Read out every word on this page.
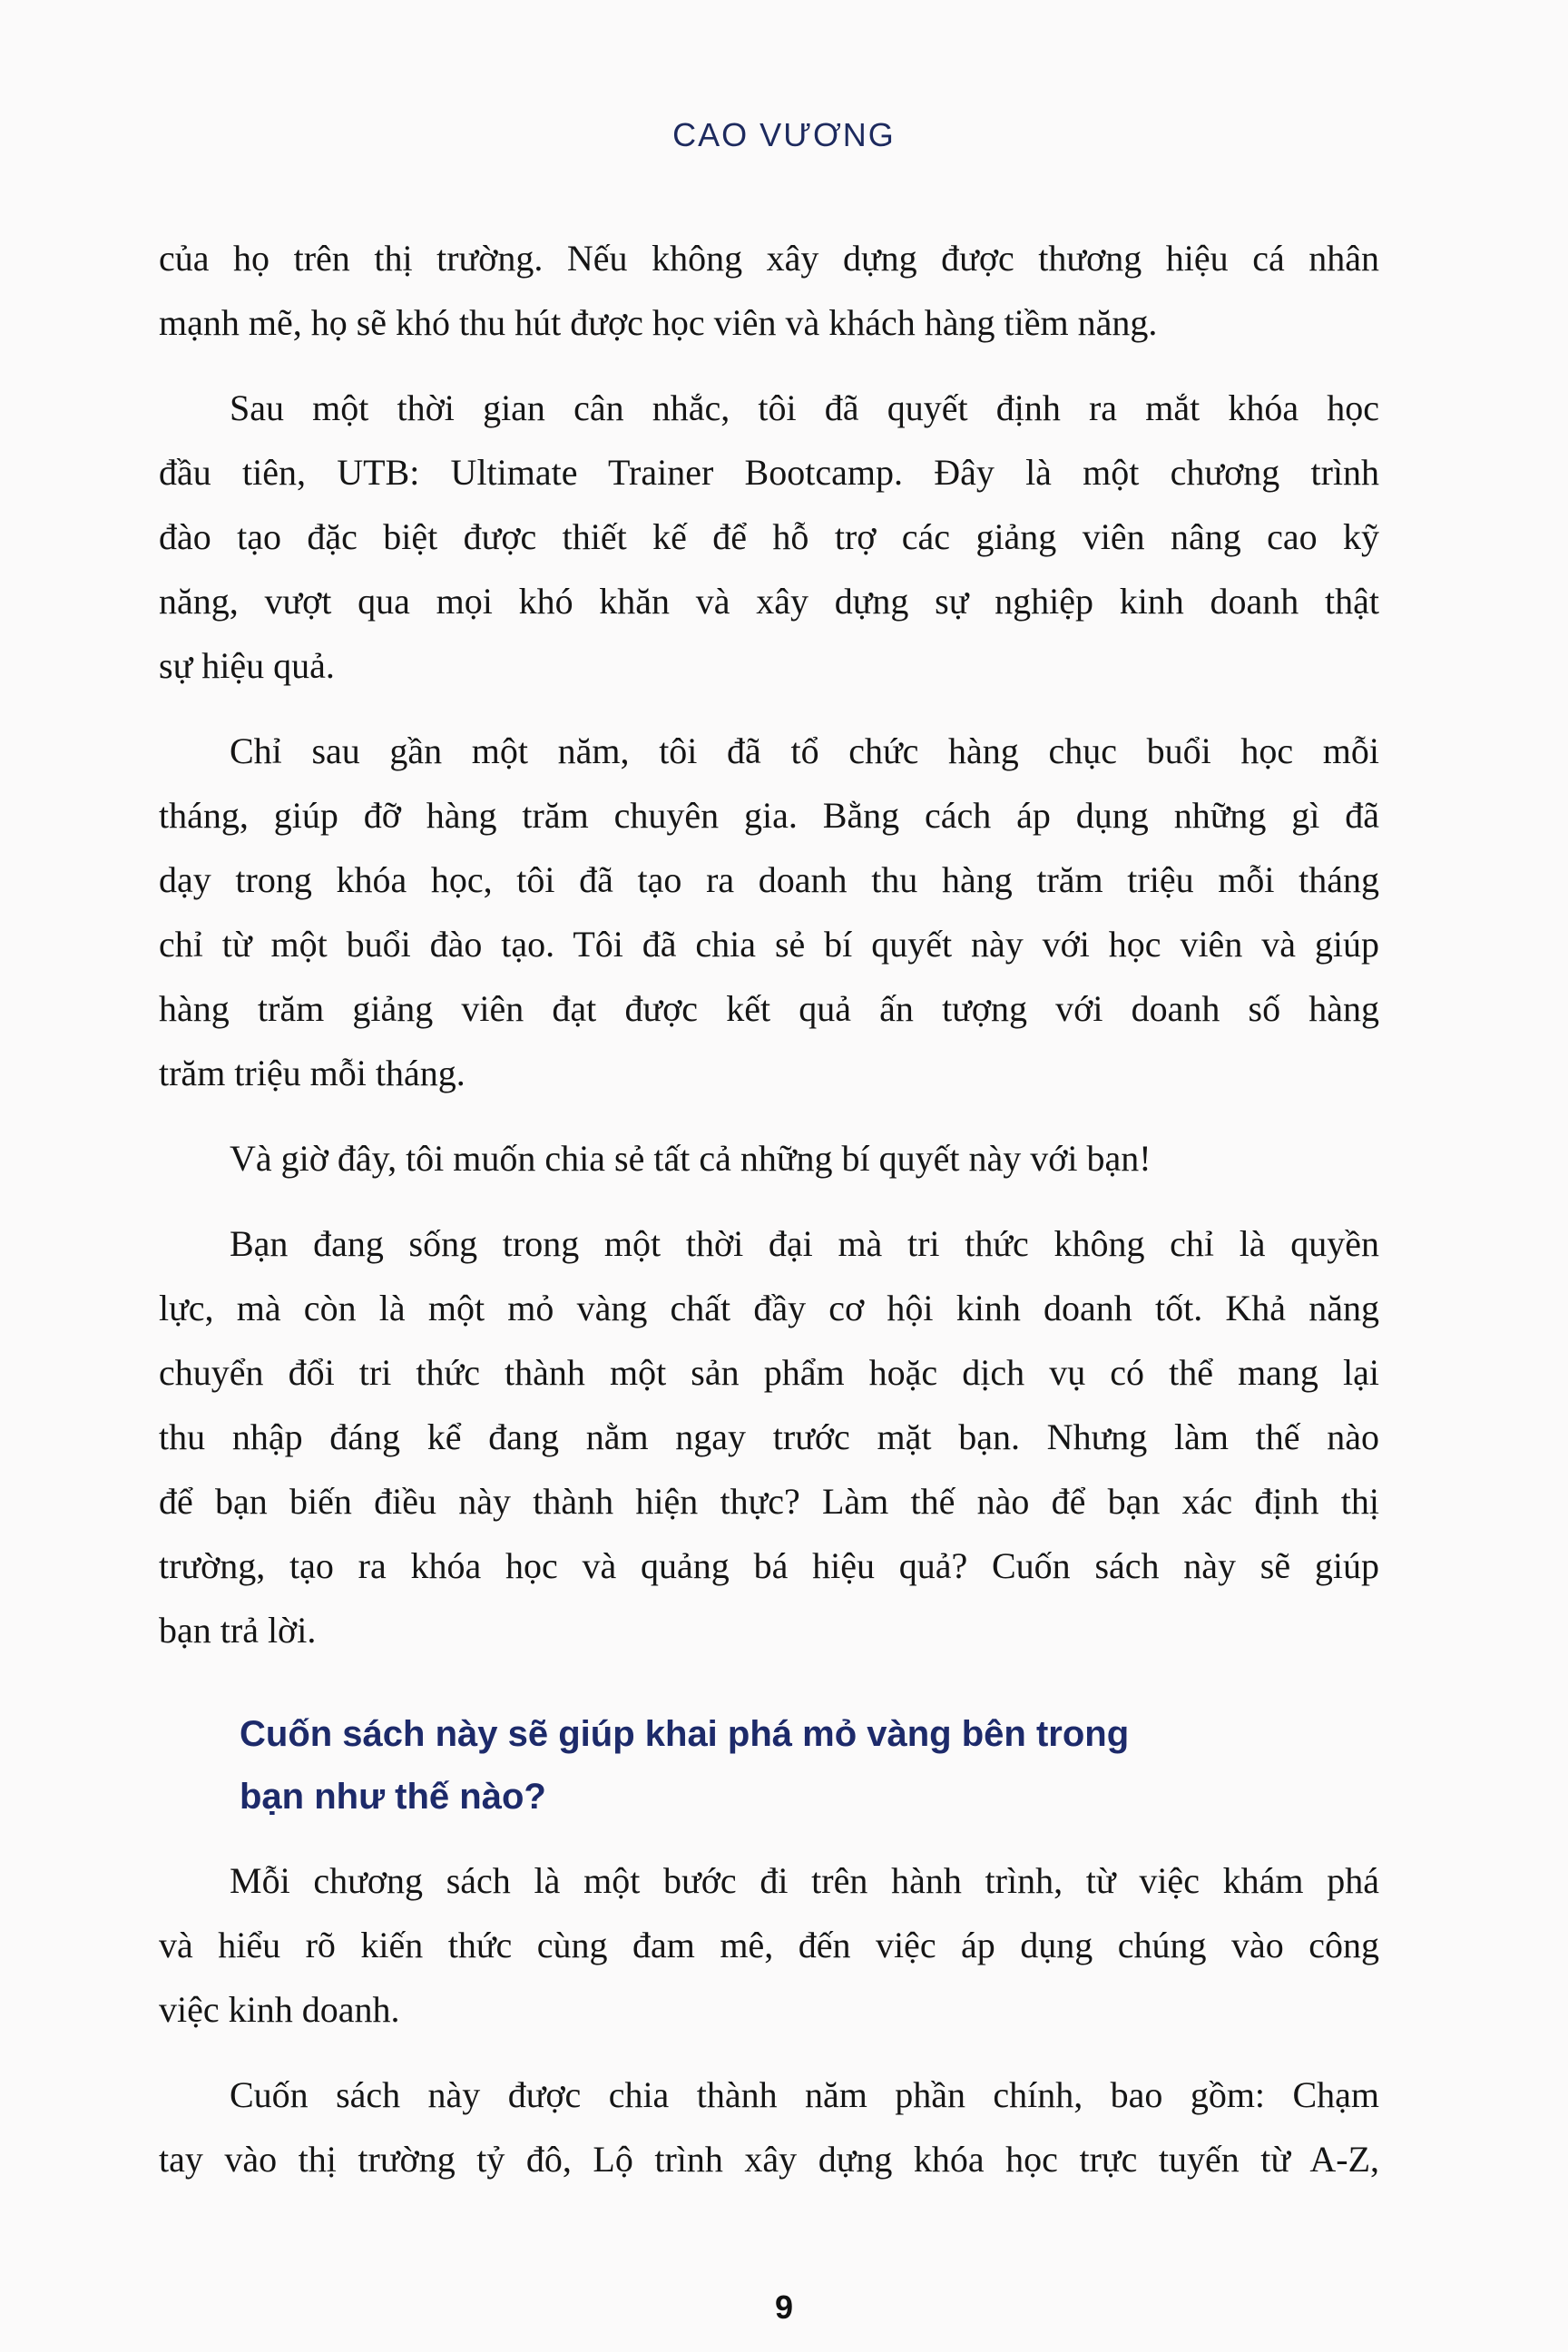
CAO VƯƠNG
của họ trên thị trường. Nếu không xây dựng được thương hiệu cá nhân
mạnh mẽ, họ sẽ khó thu hút được học viên và khách hàng tiềm năng.
Sau một thời gian cân nhắc, tôi đã quyết định ra mắt khóa học
đầu tiên, UTB: Ultimate Trainer Bootcamp. Đây là một chương trình
đào tạo đặc biệt được thiết kế để hỗ trợ các giảng viên nâng cao kỹ
năng, vượt qua mọi khó khăn và xây dựng sự nghiệp kinh doanh thật
sự hiệu quả.
Chỉ sau gần một năm, tôi đã tổ chức hàng chục buổi học mỗi
tháng, giúp đỡ hàng trăm chuyên gia. Bằng cách áp dụng những gì đã
dạy trong khóa học, tôi đã tạo ra doanh thu hàng trăm triệu mỗi tháng
chỉ từ một buổi đào tạo. Tôi đã chia sẻ bí quyết này với học viên và giúp
hàng trăm giảng viên đạt được kết quả ấn tượng với doanh số hàng
trăm triệu mỗi tháng.
Và giờ đây, tôi muốn chia sẻ tất cả những bí quyết này với bạn!
Bạn đang sống trong một thời đại mà tri thức không chỉ là quyền
lực, mà còn là một mỏ vàng chất đầy cơ hội kinh doanh tốt. Khả năng
chuyển đổi tri thức thành một sản phẩm hoặc dịch vụ có thể mang lại
thu nhập đáng kể đang nằm ngay trước mặt bạn. Nhưng làm thế nào
để bạn biến điều này thành hiện thực? Làm thế nào để bạn xác định thị
trường, tạo ra khóa học và quảng bá hiệu quả? Cuốn sách này sẽ giúp
bạn trả lời.
Cuốn sách này sẽ giúp khai phá mỏ vàng bên trong
bạn như thế nào?
Mỗi chương sách là một bước đi trên hành trình, từ việc khám phá
và hiểu rõ kiến thức cùng đam mê, đến việc áp dụng chúng vào công
việc kinh doanh.
Cuốn sách này được chia thành năm phần chính, bao gồm: Chạm
tay vào thị trường tỷ đô, Lộ trình xây dựng khóa học trực tuyến từ A-Z,
9
